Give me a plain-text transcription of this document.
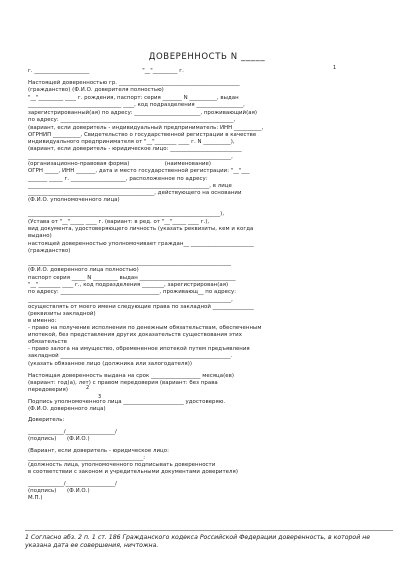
ДОВЕРЕННОСТЬ N _____
1
2
3
г. ____________________                              "__"_________ г.
Настоящей доверенностью гр. ____________________________________________
(гражданство) (Ф.И.О. доверителя полностью)
"__"_________ ____ г. рождения, паспорт: серия _______ N __________, выдан
__________________________________ ____, код подразделения _________________,
зарегистрированный(ая) по адресу: ________________________, проживающий(ая)
по адресу: _______________________________________________________________,
(вариант, если доверитель - индивидуальный предприниматель: ИНН __________,
ОГРНИП __________, Свидетельство о государственной регистрации в качестве
индивидуального предпринимателя от "__"________ ____ г. N __________),
(вариант, если доверитель - юридическое лицо: __________________________
__________________________________________________________________________,
(организационно-правовая форма)                    (наименование)
ОГРН _____, ИНН _______, дата и место государственной регистрации: "__"___
_______ _____ г. ____________________, расположенное по адресу:
__________________________________________________________________, в лице
______________________________________________, действующего на основании
(Ф.И.О. уполномоченного лица)
______________________________________________________________________),
(Устава от "__"_____ ____ г. (вариант: в ред. от "__"_____ ____ г.),
вид документа, удостоверяющего личность (указать реквизиты, кем и когда
выдано)
настоящей доверенностью уполномочивает граждан__ _______________________
(гражданство)
__________________________________________________________________________
(Ф.И.О. доверенного лица полностью)
паспорт серия _____ N _________ выдан ___________________________________
"__"________ ____ г., код подразделения ________, зарегистрирован(ая)
по адресу: ____________________________________, проживающ__ по адресу:
__________________________________________________________________________,
осуществлять от моего имени следующие права по закладной _______________
(реквизиты закладной)
в именно:
- право на получение исполнения по денежным обязательствам, обеспеченным
ипотекой, без представления других доказательств существования этих
обязательств
- право залога на имущество, обремененное ипотекой путем предъявления
закладной ______________________________________________________________.
(указать обязанное лицо (должника или залогодателя))
Настоящая доверенность выдана на срок __________________ месяца(ев)
(вариант: год(а), лет) с правом передоверия (вариант: без права
передоверия)
Подпись уполномоченного лица ______________________ удостоверяю.
(Ф.И.О. доверенного лица)
Доверитель:
_____________/__________________/
(подпись)      (Ф.И.О.)
(Вариант, если доверитель - юридическое лицо:
__________________________________________:
(должность лица, уполномоченного подписывать доверенности
в соответствии с законом и учредительными документами доверителя)
_____________/__________________/
(подпись)      (Ф.И.О.)
М.П.)
1 Согласно абз. 2 п. 1 ст. 186 Гражданского кодекса Российской Федерации доверенность, в которой не указана дата ее совершения, ничтожна.
